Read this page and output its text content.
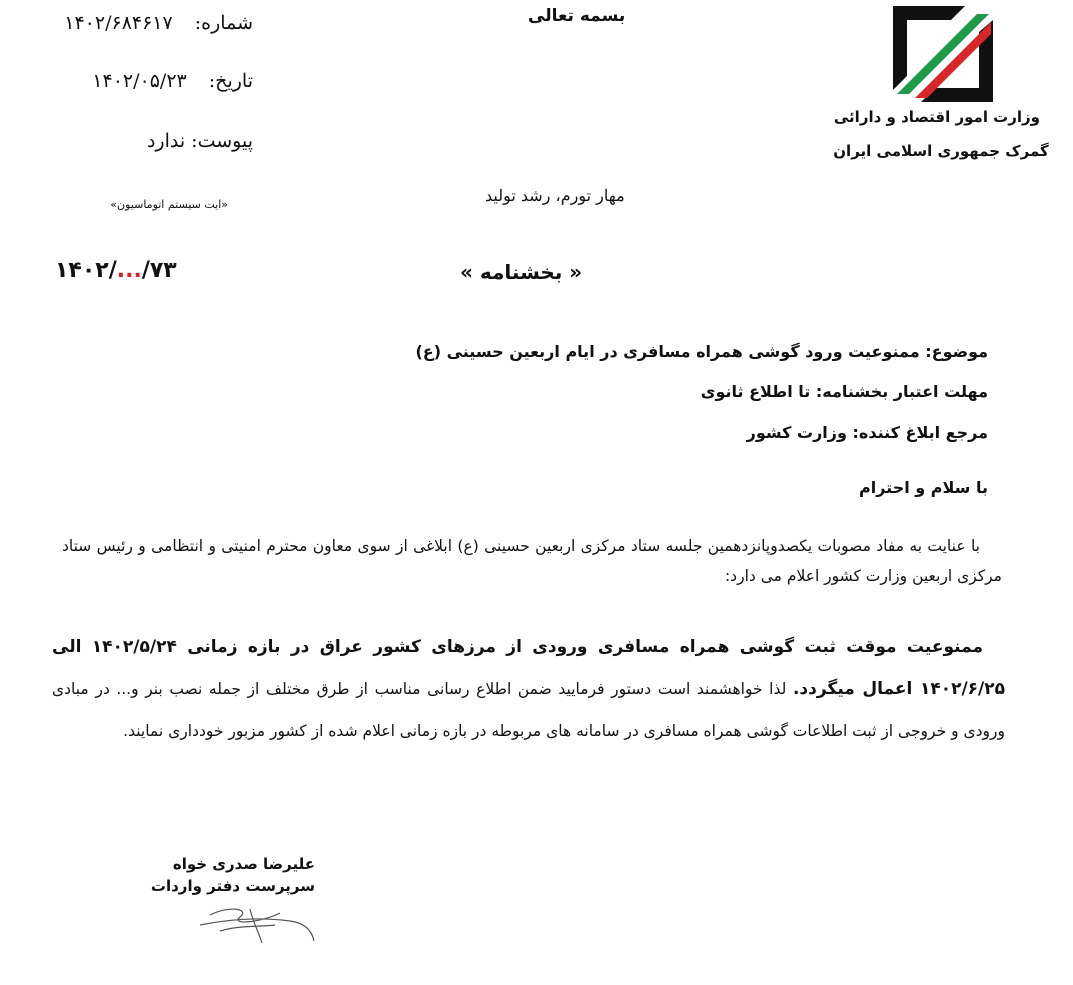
شماره: ۱۴۰۲/۶۸۴۶۱۷
تاریخ: ۱۴۰۲/۰۵/۲۳
پیوست: ندارد
«ایت سیستم اتوماسیون»
بسمه تعالی
مهار تورم، رشد تولید
وزارت امور اقتصاد و دارائی
گمرک جمهوری اسلامی ایران
« بخشنامه »
۱۴۰۲/.../۷۳
موضوع: ممنوعیت ورود گوشی همراه مسافری در ایام اربعین حسینی (ع)
مهلت اعتبار بخشنامه: تا اطلاع ثانوی
مرجع ابلاغ کننده: وزارت کشور
با سلام و احترام
با عنایت به مفاد مصوبات یکصدوپانزدهمین جلسه ستاد مرکزی اربعین حسینی (ع) ابلاغی از سوی معاون محترم امنیتی و انتظامی و رئیس ستاد مرکزی اربعین وزارت کشور اعلام می دارد:
ممنوعیت موقت ثبت گوشی همراه مسافری ورودی از مرزهای کشور عراق در بازه زمانی ۱۴۰۲/۵/۲۴ الی ۱۴۰۲/۶/۲۵ اعمال میگردد. لذا خواهشمند است دستور فرمایید ضمن اطلاع رسانی مناسب از طرق مختلف از جمله نصب بنر و... در مبادی ورودی و خروجی از ثبت اطلاعات گوشی همراه مسافری در سامانه های مربوطه در بازه زمانی اعلام شده از کشور مزبور خودداری نمایند.
علیرضا صدری خواه
سرپرست دفتر واردات
